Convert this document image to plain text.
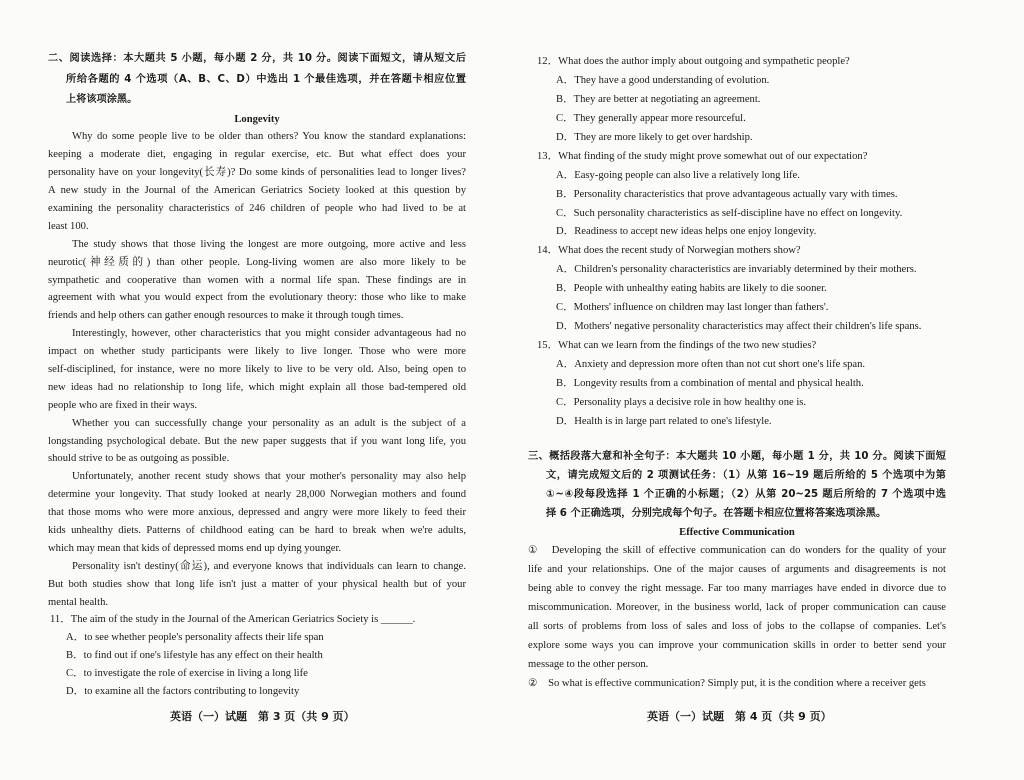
二、阅读选择：本大题共 5 小题，每小题 2 分，共 10 分。阅读下面短文，请从短文后
所给各题的 4 个选项（A、B、C、D）中选出 1 个最佳选项，并在答题卡相应位置
上将该项涂黑。
Longevity
Why do some people live to be older than others? You know the standard explanations:
keeping a moderate diet, engaging in regular exercise, etc. But what effect does your
personality have on your longevity(长寿)? Do some kinds of personalities lead to longer lives?
A new study in the Journal of the American Geriatrics Society looked at this question by
examining the personality characteristics of 246 children of people who had lived to be at
least 100.
The study shows that those living the longest are more outgoing, more active and less
neurotic(神经质的) than other people. Long-living women are also more likely to be
sympathetic and cooperative than women with a normal life span. These findings are in
agreement with what you would expect from the evolutionary theory: those who like to make
friends and help others can gather enough resources to make it through tough times.
Interestingly, however, other characteristics that you might consider advantageous had no
impact on whether study participants were likely to live longer. Those who were more
self-disciplined, for instance, were no more likely to live to be very old. Also, being open to
new ideas had no relationship to long life, which might explain all those bad-tempered old
people who are fixed in their ways.
Whether you can successfully change your personality as an adult is the subject of a
longstanding psychological debate. But the new paper suggests that if you want long life, you
should strive to be as outgoing as possible.
Unfortunately, another recent study shows that your mother's personality may also help
determine your longevity. That study looked at nearly 28,000 Norwegian mothers and found
that those moms who were more anxious, depressed and angry were more likely to feed their
kids unhealthy diets. Patterns of childhood eating can be hard to break when we're adults,
which may mean that kids of depressed moms end up dying younger.
Personality isn't destiny(命运), and everyone knows that individuals can learn to change.
But both studies show that long life isn't just a matter of your physical health but of your
mental health.
11．The aim of the study in the Journal of the American Geriatrics Society is ______.
A．to see whether people's personality affects their life span
B．to find out if one's lifestyle has any effect on their health
C．to investigate the role of exercise in living a long life
D．to examine all the factors contributing to longevity
12．What does the author imply about outgoing and sympathetic people?
A．They have a good understanding of evolution.
B．They are better at negotiating an agreement.
C．They generally appear more resourceful.
D．They are more likely to get over hardship.
13．What finding of the study might prove somewhat out of our expectation?
A．Easy-going people can also live a relatively long life.
B．Personality characteristics that prove advantageous actually vary with times.
C．Such personality characteristics as self-discipline have no effect on longevity.
D．Readiness to accept new ideas helps one enjoy longevity.
14．What does the recent study of Norwegian mothers show?
A．Children's personality characteristics are invariably determined by their mothers.
B．People with unhealthy eating habits are likely to die sooner.
C．Mothers' influence on children may last longer than fathers'.
D．Mothers' negative personality characteristics may affect their children's life spans.
15．What can we learn from the findings of the two new studies?
A．Anxiety and depression more often than not cut short one's life span.
B．Longevity results from a combination of mental and physical health.
C．Personality plays a decisive role in how healthy one is.
D．Health is in large part related to one's lifestyle.
三、概括段落大意和补全句子：本大题共 10 小题，每小题 1 分，共 10 分。阅读下面短
文，请完成短文后的 2 项测试任务：（1）从第 16~19 题后所给的 5 个选项中为第
①~④段每段选择 1 个正确的小标题；（2）从第 20~25 题后所给的 7 个选项中选
择 6 个正确选项，分别完成每个句子。在答题卡相应位置将答案选项涂黑。
Effective Communication
①　Developing the skill of effective communication can do wonders for the quality of your
life and your relationships. One of the major causes of arguments and disagreements is not
being able to convey the right message. Far too many marriages have ended in divorce due to
miscommunication. Moreover, in the business world, lack of proper communication can cause
all sorts of problems from loss of sales and loss of jobs to the collapse of companies. Let's
explore some ways you can improve your communication skills in order to better send your
message to the other person.
②　So what is effective communication? Simply put, it is the condition where a receiver gets
英语（一）试题　第 3 页（共 9 页）	英语（一）试题　第 4 页（共 9 页）
